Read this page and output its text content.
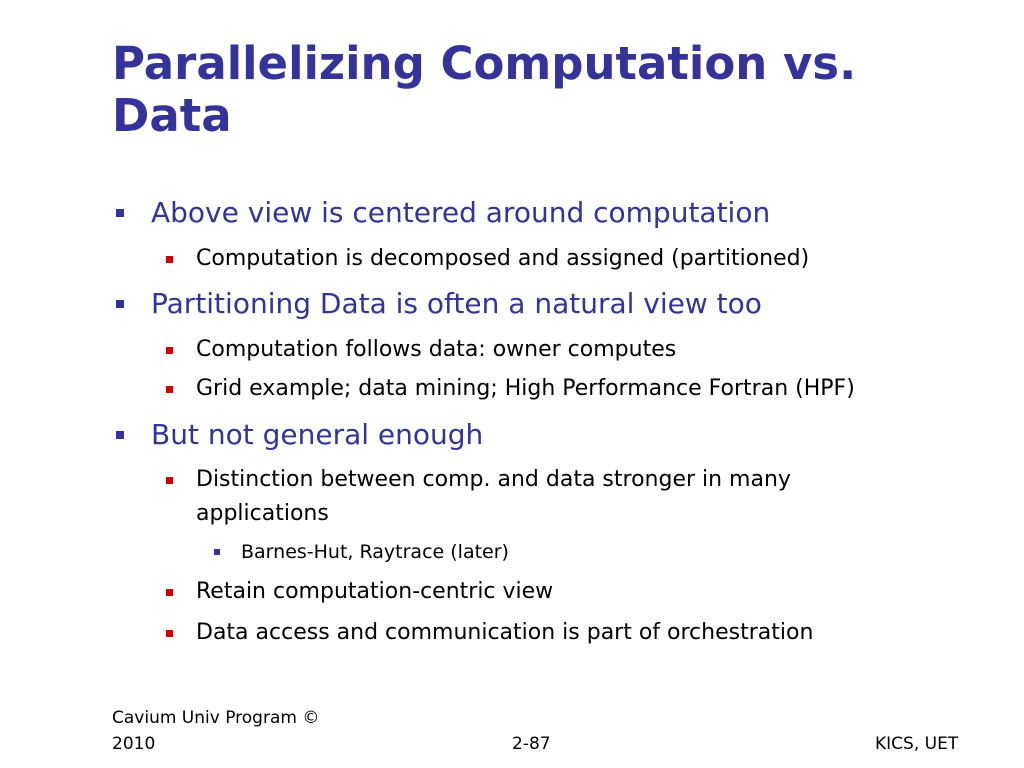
Parallelizing Computation vs. Data
Above view is centered around computation
Computation is decomposed and assigned (partitioned)
Partitioning Data is often a natural view too
Computation follows data: owner computes
Grid example; data mining; High Performance Fortran (HPF)
But not general enough
Distinction between comp. and data stronger in many applications
Barnes-Hut, Raytrace (later)
Retain computation-centric view
Data access and communication is part of orchestration
Cavium Univ Program © 2010	2-87	KICS, UET
